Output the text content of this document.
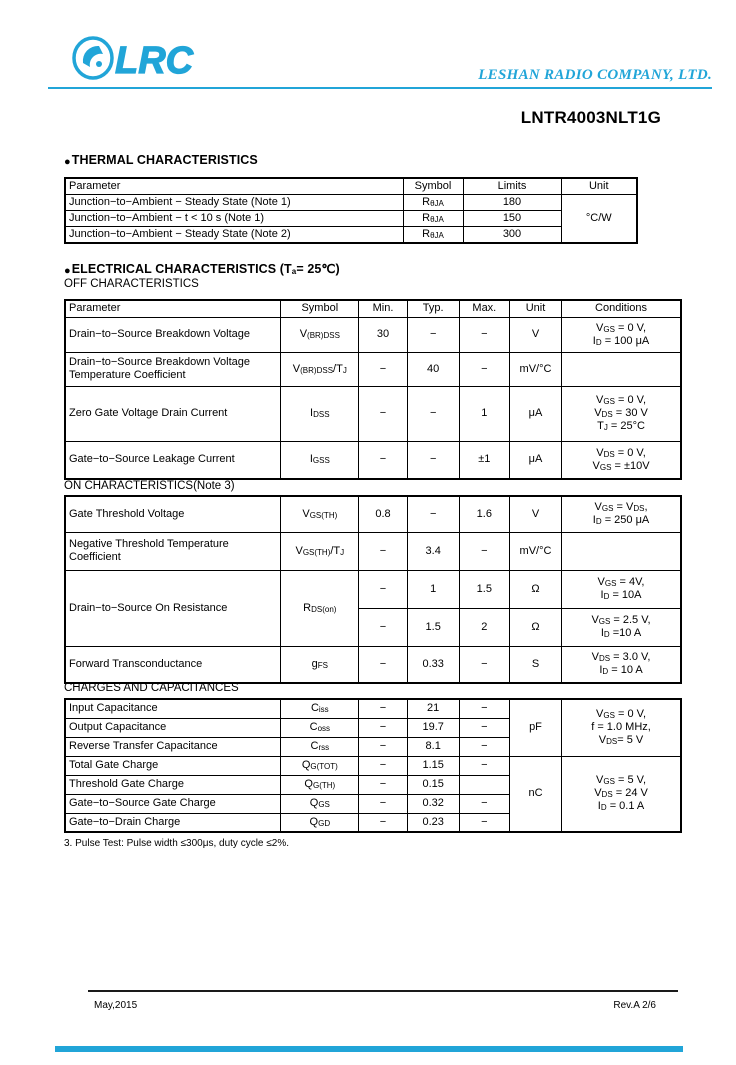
LRC	LESHAN RADIO COMPANY, LTD.
LNTR4003NLT1G
●THERMAL CHARACTERISTICS
Parameter	Symbol	Limits	Unit
Junction−to−Ambient − Steady State (Note 1)	RθJA	180	°C/W
Junction−to−Ambient − t < 10 s (Note 1)	RθJA	150	
Junction−to−Ambient − Steady State (Note 2)	RθJA	300	
●ELECTRICAL CHARACTERISTICS (Ta= 25℃)
OFF CHARACTERISTICS
Parameter	Symbol	Min.	Typ.	Max.	Unit	Conditions
Drain−to−Source Breakdown Voltage	V(BR)DSS	30	−	−	V	VGS = 0 V,
ID = 100 μA
Drain−to−Source Breakdown Voltage
Temperature Coefficient	V(BR)DSS/TJ	−	40	−	mV/°C	
Zero Gate Voltage Drain Current	IDSS	−	−	1	μA	VGS = 0 V,
VDS = 30 V
TJ = 25°C
Gate−to−Source Leakage Current	IGSS	−	−	±1	μA	VDS = 0 V,
VGS = ±10V
ON CHARACTERISTICS(Note 3)
Gate Threshold Voltage	VGS(TH)	0.8	−	1.6	V	VGS = VDS,
ID = 250 μA
Negative Threshold Temperature
Coefficient	VGS(TH)/TJ	−	3.4	−	mV/°C	
Drain−to−Source On Resistance	RDS(on)	−	1	1.5	Ω	VGS = 4V,
ID = 10A
		−	1.5	2	Ω	VGS = 2.5 V,
ID =10 A
Forward Transconductance	gFS	−	0.33	−	S	VDS = 3.0 V,
ID = 10 A
CHARGES AND CAPACITANCES
Input Capacitance	Ciss	−	21	−	pF	VGS = 0 V,
f = 1.0 MHz,
VDS= 5 V
Output Capacitance	Coss	−	19.7	−		
Reverse Transfer Capacitance	Crss	−	8.1	−		
Total Gate Charge	QG(TOT)	−	1.15	−	nC	VGS = 5 V,
VDS = 24 V
ID = 0.1 A
Threshold Gate Charge	QG(TH)	−	0.15			
Gate−to−Source Gate Charge	QGS	−	0.32	−		
Gate−to−Drain Charge	QGD	−	0.23	−		
3. Pulse Test: Pulse width ≤300μs, duty cycle ≤2%.
May,2015	Rev.A 2/6
